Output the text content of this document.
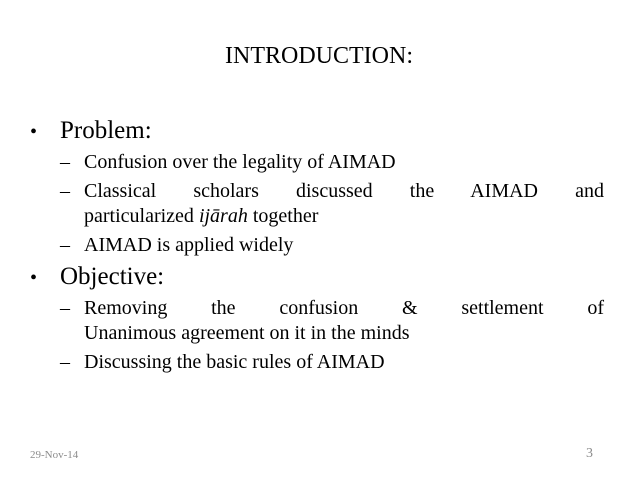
INTRODUCTION:
• Problem:
– Confusion over the legality of AIMAD
– Classical scholars discussed the AIMAD and
particularized ijārah together
– AIMAD is applied widely
• Objective:
– Removing the confusion & settlement of
Unanimous agreement on it in the minds
– Discussing the basic rules of AIMAD
29-Nov-14	3
